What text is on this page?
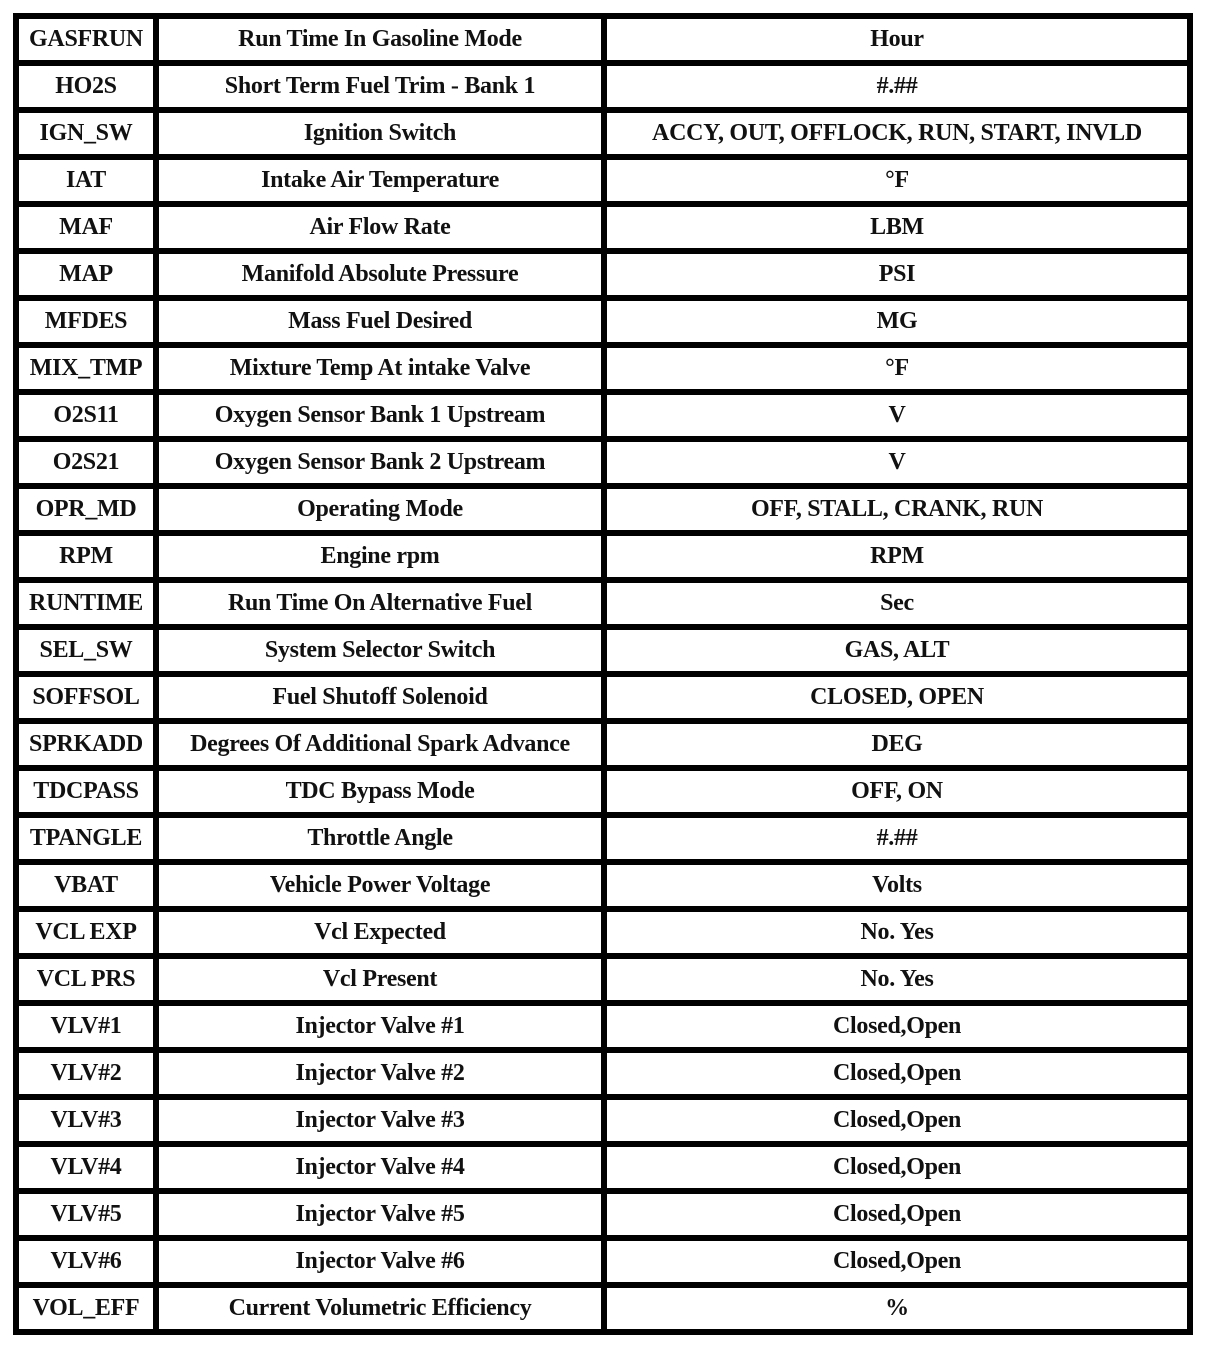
GASFRUN	Run Time In Gasoline Mode	Hour
HO2S	Short Term Fuel Trim - Bank 1	#.##
IGN_SW	Ignition Switch	ACCY, OUT, OFFLOCK, RUN, START, INVLD
IAT	Intake Air Temperature	°F
MAF	Air Flow Rate	LBM
MAP	Manifold Absolute Pressure	PSI
MFDES	Mass Fuel Desired	MG
MIX_TMP	Mixture Temp At intake Valve	°F
O2S11	Oxygen Sensor Bank 1 Upstream	V
O2S21	Oxygen Sensor Bank 2 Upstream	V
OPR_MD	Operating Mode	OFF, STALL, CRANK, RUN
RPM	Engine rpm	RPM
RUNTIME	Run Time On Alternative Fuel	Sec
SEL_SW	System Selector Switch	GAS, ALT
SOFFSOL	Fuel Shutoff Solenoid	CLOSED, OPEN
SPRKADD	Degrees Of Additional Spark Advance	DEG
TDCPASS	TDC Bypass Mode	OFF, ON
TPANGLE	Throttle Angle	#.##
VBAT	Vehicle Power Voltage	Volts
VCL EXP	Vcl Expected	No. Yes
VCL PRS	Vcl Present	No. Yes
VLV#1	Injector Valve #1	Closed,Open
VLV#2	Injector Valve #2	Closed,Open
VLV#3	Injector Valve #3	Closed,Open
VLV#4	Injector Valve #4	Closed,Open
VLV#5	Injector Valve #5	Closed,Open
VLV#6	Injector Valve #6	Closed,Open
VOL_EFF	Current Volumetric Efficiency	%
